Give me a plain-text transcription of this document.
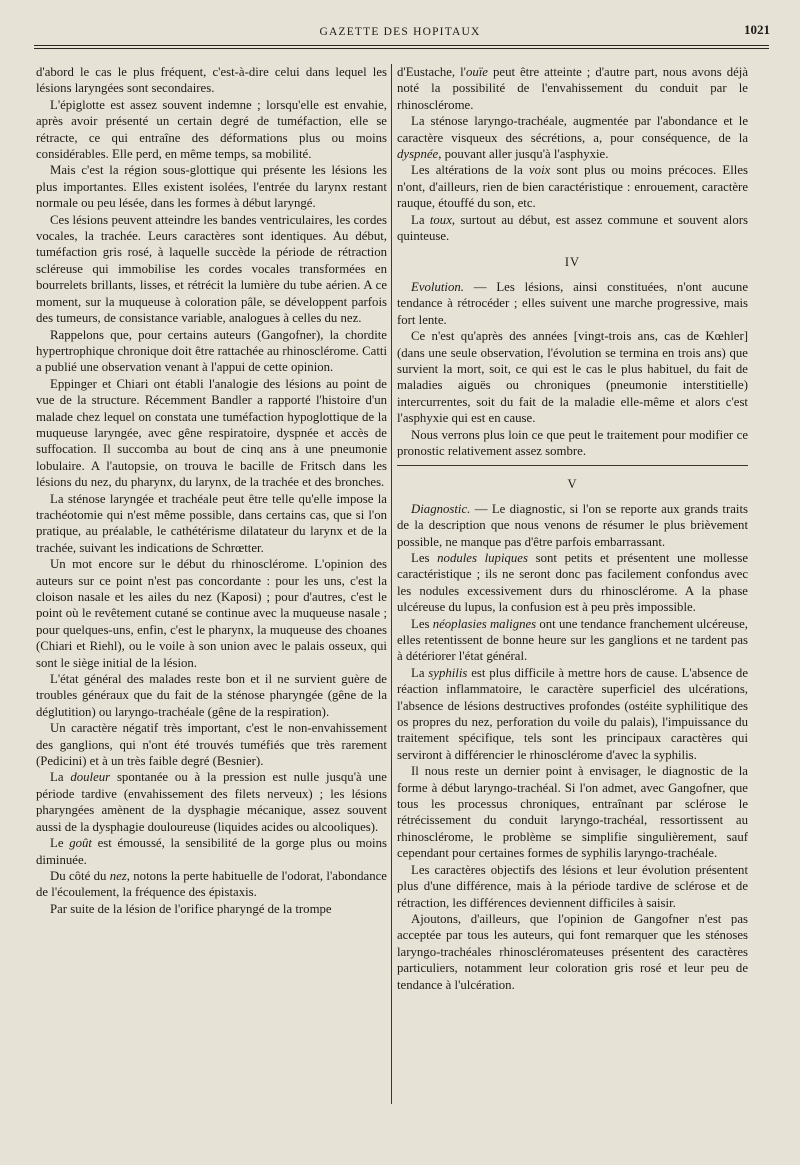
GAZETTE DES HOPITAUX	1021

d'abord le cas le plus fréquent, c'est-à-dire celui dans lequel les lésions laryngées sont secondaires.

L'épiglotte est assez souvent indemne ; lorsqu'elle est envahie, après avoir présenté un certain degré de tuméfaction, elle se rétracte, ce qui entraîne des déformations plus ou moins considérables. Elle perd, en même temps, sa mobilité.

Mais c'est la région sous-glottique qui présente les lésions les plus importantes. Elles existent isolées, l'entrée du larynx restant normale ou peu lésée, dans les formes à début laryngé.

Ces lésions peuvent atteindre les bandes ventriculaires, les cordes vocales, la trachée. Leurs caractères sont identiques. Au début, tuméfaction gris rosé, à laquelle succède la période de rétraction scléreuse qui immobilise les cordes vocales transformées en bourrelets brillants, lisses, et rétrécit la lumière du tube aérien. A ce moment, sur la muqueuse à coloration pâle, se développent parfois des tumeurs, de consistance variable, analogues à celles du nez.

Rappelons que, pour certains auteurs (Gangofner), la chordite hypertrophique chronique doit être rattachée au rhinosclérome. Catti a publié une observation venant à l'appui de cette opinion.

Eppinger et Chiari ont établi l'analogie des lésions au point de vue de la structure. Récemment Bandler a rapporté l'histoire d'un malade chez lequel on constata une tuméfaction hypoglottique de la muqueuse laryngée, avec gêne respiratoire, dyspnée et accès de suffocation. Il succomba au bout de cinq ans à une pneumonie lobulaire. A l'autopsie, on trouva le bacille de Fritsch dans les lésions du nez, du pharynx, du larynx, de la trachée et des bronches.

La sténose laryngée et trachéale peut être telle qu'elle impose la trachéotomie qui n'est même possible, dans certains cas, que si l'on pratique, au préalable, le cathétérisme dilatateur du larynx et de la trachée, suivant les indications de Schrœtter.

Un mot encore sur le début du rhinosclérome. L'opinion des auteurs sur ce point n'est pas concordante : pour les uns, c'est la cloison nasale et les ailes du nez (Kaposi) ; pour d'autres, c'est le point où le revêtement cutané se continue avec la muqueuse nasale ; pour quelques-uns, enfin, c'est le pharynx, la muqueuse des choanes (Chiari et Riehl), ou le voile à son union avec le palais osseux, qui sont le siège initial de la lésion.

L'état général des malades reste bon et il ne survient guère de troubles généraux que du fait de la sténose pharyngée (gêne de la déglutition) ou laryngo-trachéale (gêne de la respiration).

Un caractère négatif très important, c'est le non-envahissement des ganglions, qui n'ont été trouvés tuméfiés que très rarement (Pedicini) et à un très faible degré (Besnier).

La douleur spontanée ou à la pression est nulle jusqu'à une période tardive (envahissement des filets nerveux) ; les lésions pharyngées amènent de la dysphagie mécanique, assez souvent aussi de la dysphagie douloureuse (liquides acides ou alcooliques).

Le goût est émoussé, la sensibilité de la gorge plus ou moins diminuée.

Du côté du nez, notons la perte habituelle de l'odorat, l'abondance de l'écoulement, la fréquence des épistaxis.

Par suite de la lésion de l'orifice pharyngé de la trompe

d'Eustache, l'ouïe peut être atteinte ; d'autre part, nous avons déjà noté la possibilité de l'envahissement du conduit par le rhinosclérome.

La sténose laryngo-trachéale, augmentée par l'abondance et le caractère visqueux des sécrétions, a, pour conséquence, de la dyspnée, pouvant aller jusqu'à l'asphyxie.

Les altérations de la voix sont plus ou moins précoces. Elles n'ont, d'ailleurs, rien de bien caractéristique : enrouement, caractère rauque, étouffé du son, etc.

La toux, surtout au début, est assez commune et souvent alors quinteuse.

IV

Evolution. — Les lésions, ainsi constituées, n'ont aucune tendance à rétrocéder ; elles suivent une marche progressive, mais fort lente.

Ce n'est qu'après des années [vingt-trois ans, cas de Kœhler] (dans une seule observation, l'évolution se termina en trois ans) que survient la mort, soit, ce qui est le cas le plus habituel, du fait de maladies aiguës ou chroniques (pneumonie interstitielle) intercurrentes, soit du fait de la maladie elle-même et alors c'est l'asphyxie qui est en cause.

Nous verrons plus loin ce que peut le traitement pour modifier ce pronostic relativement assez sombre.

V

Diagnostic. — Le diagnostic, si l'on se reporte aux grands traits de la description que nous venons de résumer le plus brièvement possible, ne manque pas d'être parfois embarrassant.

Les nodules lupiques sont petits et présentent une mollesse caractéristique ; ils ne seront donc pas facilement confondus avec les nodules excessivement durs du rhinosclérome. A la phase ulcéreuse du lupus, la confusion est à peu près impossible.

Les néoplasies malignes ont une tendance franchement ulcéreuse, elles retentissent de bonne heure sur les ganglions et ne tardent pas à détériorer l'état général.

La syphilis est plus difficile à mettre hors de cause. L'absence de réaction inflammatoire, le caractère superficiel des ulcérations, l'absence de lésions destructives profondes (ostéite syphilitique des os propres du nez, perforation du voile du palais), l'impuissance du traitement spécifique, tels sont les principaux caractères qui serviront à différencier le rhinosclérome d'avec la syphilis.

Il nous reste un dernier point à envisager, le diagnostic de la forme à début laryngo-trachéal. Si l'on admet, avec Gangofner, que tous les processus chroniques, entraînant par sclérose le rétrécissement du conduit laryngo-trachéal, ressortissent au rhinosclérome, le problème se simplifie singulièrement, sauf cependant pour certaines formes de syphilis laryngo-trachéale.

Les caractères objectifs des lésions et leur évolution présentent plus d'une différence, mais à la période tardive de sclérose et de rétraction, les différences deviennent difficiles à saisir.

Ajoutons, d'ailleurs, que l'opinion de Gangofner n'est pas acceptée par tous les auteurs, qui font remarquer que les sténoses laryngo-trachéales rhinoscléromateuses présentent des caractères particuliers, notamment leur coloration gris rosé et leur peu de tendance à l'ulcération.
